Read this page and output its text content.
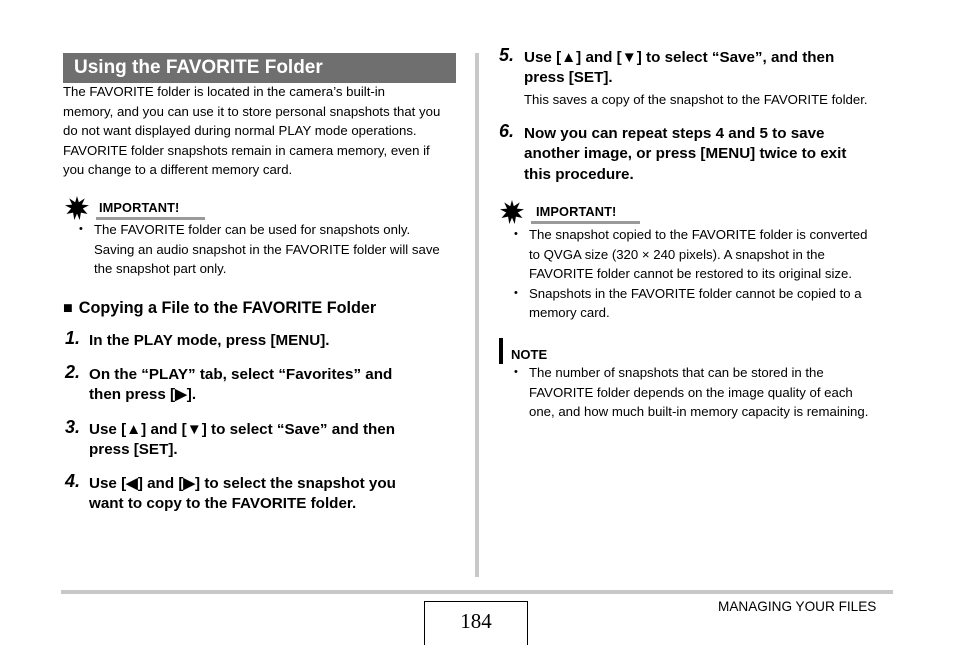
Using the FAVORITE Folder
The FAVORITE folder is located in the camera’s built-in
memory, and you can use it to store personal snapshots that you
do not want displayed during normal PLAY mode operations.
FAVORITE folder snapshots remain in camera memory, even if
you change to a different memory card.
IMPORTANT!
• The FAVORITE folder can be used for snapshots only.
Saving an audio snapshot in the FAVORITE folder will save
the snapshot part only.
■ Copying a File to the FAVORITE Folder
1. In the PLAY mode, press [MENU].
2. On the “PLAY” tab, select “Favorites” and
then press [▶].
3. Use [▲] and [▼] to select “Save” and then
press [SET].
4. Use [◀] and [▶] to select the snapshot you
want to copy to the FAVORITE folder.
5. Use [▲] and [▼] to select “Save”, and then
press [SET].
This saves a copy of the snapshot to the FAVORITE folder.
6. Now you can repeat steps 4 and 5 to save
another image, or press [MENU] twice to exit
this procedure.
IMPORTANT!
• The snapshot copied to the FAVORITE folder is converted
to QVGA size (320 × 240 pixels). A snapshot in the
FAVORITE folder cannot be restored to its original size.
• Snapshots in the FAVORITE folder cannot be copied to a
memory card.
NOTE
• The number of snapshots that can be stored in the
FAVORITE folder depends on the image quality of each
one, and how much built-in memory capacity is remaining.
184
MANAGING YOUR FILES
